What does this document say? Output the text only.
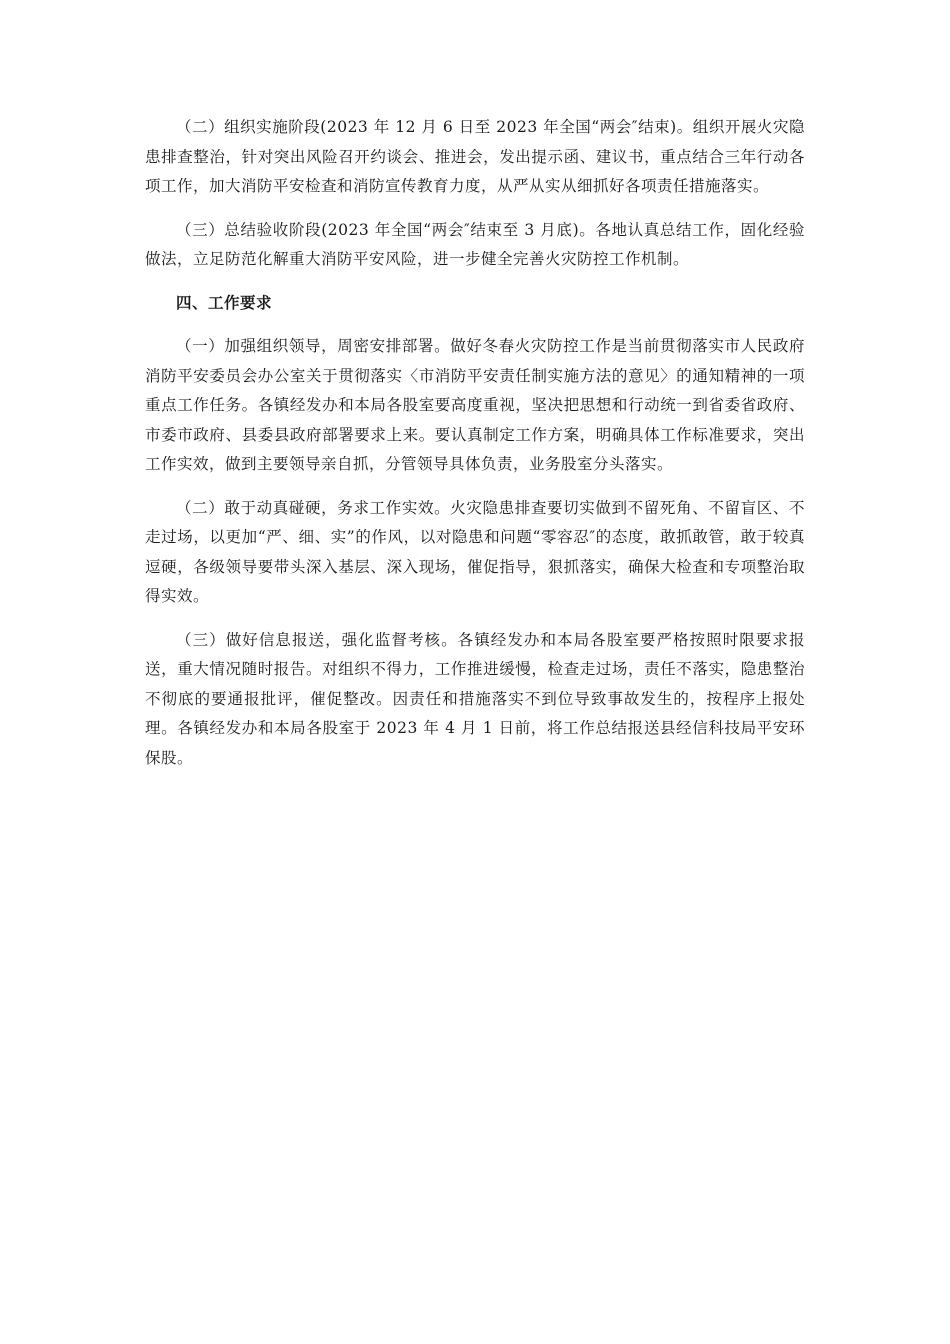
（二）组织实施阶段(2023 年 12 月 6 日至 2023 年全国“两会″结束)。组织开展火灾隐患排查整治，针对突出风险召开约谈会、推进会，发出提示函、建议书，重点结合三年行动各项工作，加大消防平安检查和消防宣传教育力度，从严从实从细抓好各项责任措施落实。

（三）总结验收阶段(2023 年全国“两会″结束至 3 月底)。各地认真总结工作，固化经验做法，立足防范化解重大消防平安风险，进一步健全完善火灾防控工作机制。

四、工作要求

（一）加强组织领导，周密安排部署。做好冬春火灾防控工作是当前贯彻落实市人民政府消防平安委员会办公室关于贯彻落实〈市消防平安责任制实施方法的意见〉的通知精神的一项重点工作任务。各镇经发办和本局各股室要高度重视，坚决把思想和行动统一到省委省政府、市委市政府、县委县政府部署要求上来。要认真制定工作方案，明确具体工作标准要求，突出工作实效，做到主要领导亲自抓，分管领导具体负责，业务股室分头落实。

（二）敢于动真碰硬，务求工作实效。火灾隐患排查要切实做到不留死角、不留盲区、不走过场，以更加“严、细、实”的作风，以对隐患和问题“零容忍″的态度，敢抓敢管，敢于较真逗硬，各级领导要带头深入基层、深入现场，催促指导，狠抓落实，确保大检查和专项整治取得实效。

（三）做好信息报送，强化监督考核。各镇经发办和本局各股室要严格按照时限要求报送，重大情况随时报告。对组织不得力，工作推进缓慢，检查走过场，责任不落实，隐患整治不彻底的要通报批评，催促整改。因责任和措施落实不到位导致事故发生的，按程序上报处理。各镇经发办和本局各股室于 2023 年 4 月 1 日前，将工作总结报送县经信科技局平安环保股。
